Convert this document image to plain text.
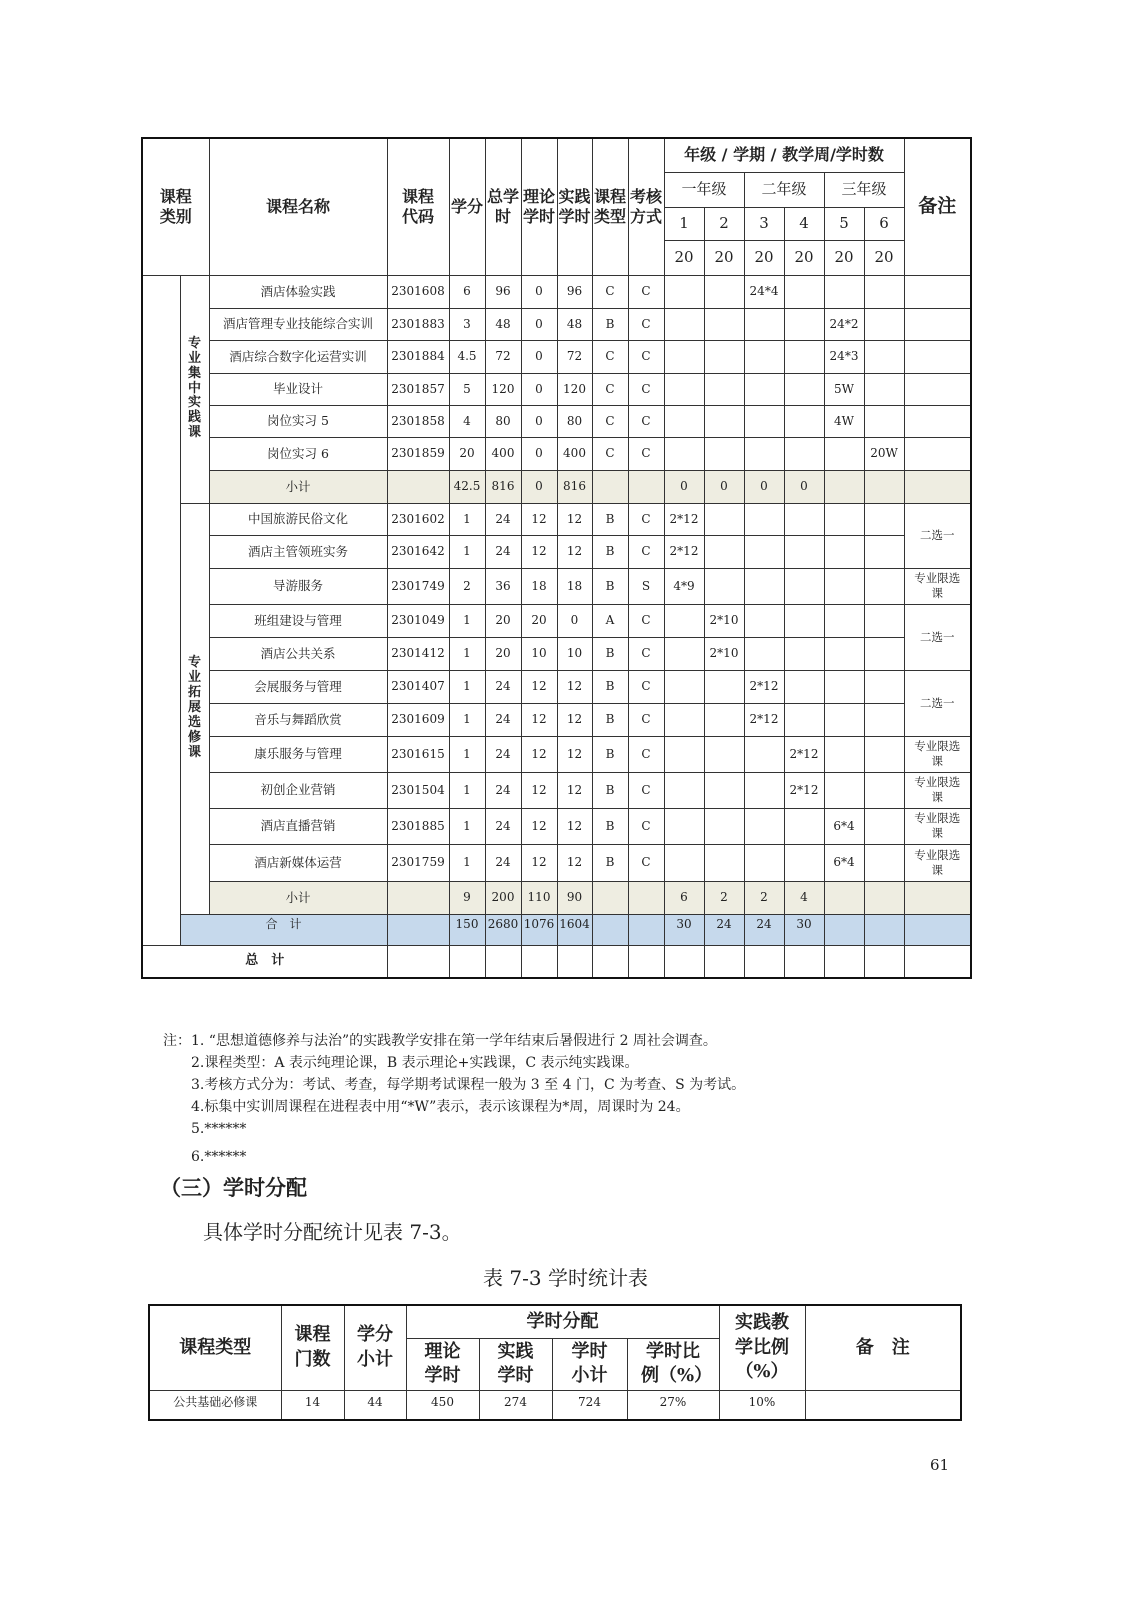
课程类别		课程名称	课程代码	学分	总学时	理论学时	实践学时	课程类型	考核方式	年级 / 学期 / 教学周/学时数						备注
										一年级		二年级		三年级		
										1	2	3	4	5	6	
										20	20	20	20	20	20	
	专业集中实践课	酒店体验实践	2301608	6	96	0	96	C	C			24*4				
		酒店管理专业技能综合实训	2301883	3	48	0	48	B	C					24*2		
		酒店综合数字化运营实训	2301884	4.5	72	0	72	C	C					24*3		
		毕业设计	2301857	5	120	0	120	C	C					5W		
		岗位实习 5	2301858	4	80	0	80	C	C					4W		
		岗位实习 6	2301859	20	400	0	400	C	C						20W	
		小计		42.5	816	0	816			0	0	0	0			
	专业拓展选修课	中国旅游民俗文化	2301602	1	24	12	12	B	C	2*12						二选一
		酒店主管领班实务	2301642	1	24	12	12	B	C	2*12						
		导游服务	2301749	2	36	18	18	B	S	4*9						专业限选课
		班组建设与管理	2301049	1	20	20	0	A	C		2*10					二选一
		酒店公共关系	2301412	1	20	10	10	B	C		2*10					
		会展服务与管理	2301407	1	24	12	12	B	C			2*12				二选一
		音乐与舞蹈欣赏	2301609	1	24	12	12	B	C			2*12				
		康乐服务与管理	2301615	1	24	12	12	B	C				2*12			专业限选课
		初创企业营销	2301504	1	24	12	12	B	C				2*12			专业限选课
		酒店直播营销	2301885	1	24	12	12	B	C					6*4		专业限选课
		酒店新媒体运营	2301759	1	24	12	12	B	C					6*4		专业限选课
		小计		9	200	110	90			6	2	2	4			
	合　计			150	2680	1076	1604			30	24	24	30			
总　计																
注：1. “思想道德修养与法治”的实践教学安排在第一学年结束后暑假进行 2 周社会调查。
2.课程类型：A 表示纯理论课，B 表示理论+实践课，C 表示纯实践课。
3.考核方式分为：考试、考查，每学期考试课程一般为 3 至 4 门，C 为考查、S 为考试。
4.标集中实训周课程在进程表中用“*W”表示，表示该课程为*周，周课时为 24。
5.******
6.******
（三）学时分配
具体学时分配统计见表 7-3。
表 7-3 学时统计表
课程类型	课程门数	学分小计	学时分配				实践教学比例（%）	备　注
			理论学时	实践学时	学时小计	学时比例（%）		
公共基础必修课	14	44	450	274	724	27%	10%	
61
